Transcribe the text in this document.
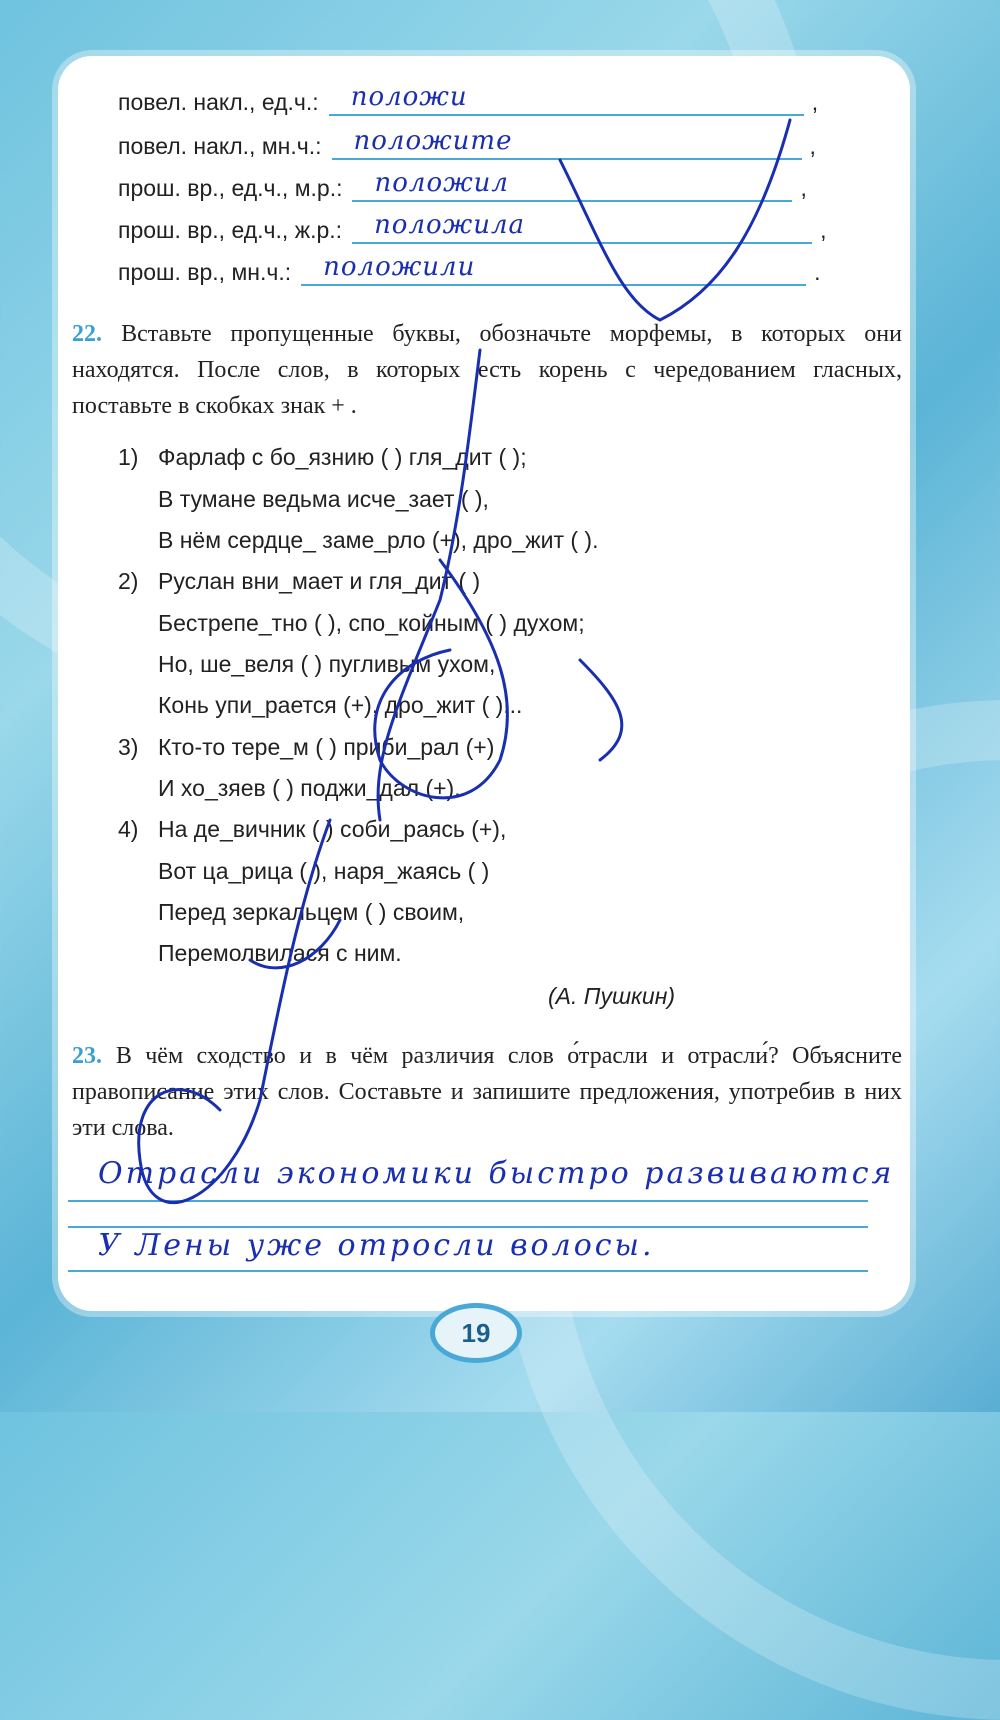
повел. накл., ед.ч.: положи	,
повел. накл., мн.ч.: положите	,
прош. вр., ед.ч., м.р.: положил	,
прош. вр., ед.ч., ж.р.: положила	,
прош. вр., мн.ч.: положили	.
22. Вставьте пропущенные буквы, обозначьте морфемы, в которых они находятся. После слов, в которых есть корень с чередованием гласных, поставьте в скобках знак + .
1) Фарлаф с бо_язнию ( ) гля_дит ( );
В тумане ведьма исче_зает ( ),
В нём сердце_ заме_рло (+), дро_жит ( ).
2) Руслан вни_мает и гля_дит ( )
Бестрепе_тно ( ), спо_койным ( ) духом;
Но, шe_веля ( ) пугливым ухом,
Конь упи_рается (+), дро_жит ( )...
3) Кто-то тере_м ( ) приби_рал (+)
И хо_зяев ( ) поджи_дал (+).
4) На де_вичник ( ) соби_раясь (+),
Вот ца_рица ( ), наря_жаясь ( )
Перед зеркальцем ( ) своим,
Перемолвилася с ним.
(А. Пушкин)
23. В чём сходство и в чём различия слов о́трасли и отрасли́? Объясните правописание этих слов. Составьте и запишите предложения, употребив в них эти слова.
Отрасли экономики быстро развиваются
У Лены уже отросли волосы.
19
